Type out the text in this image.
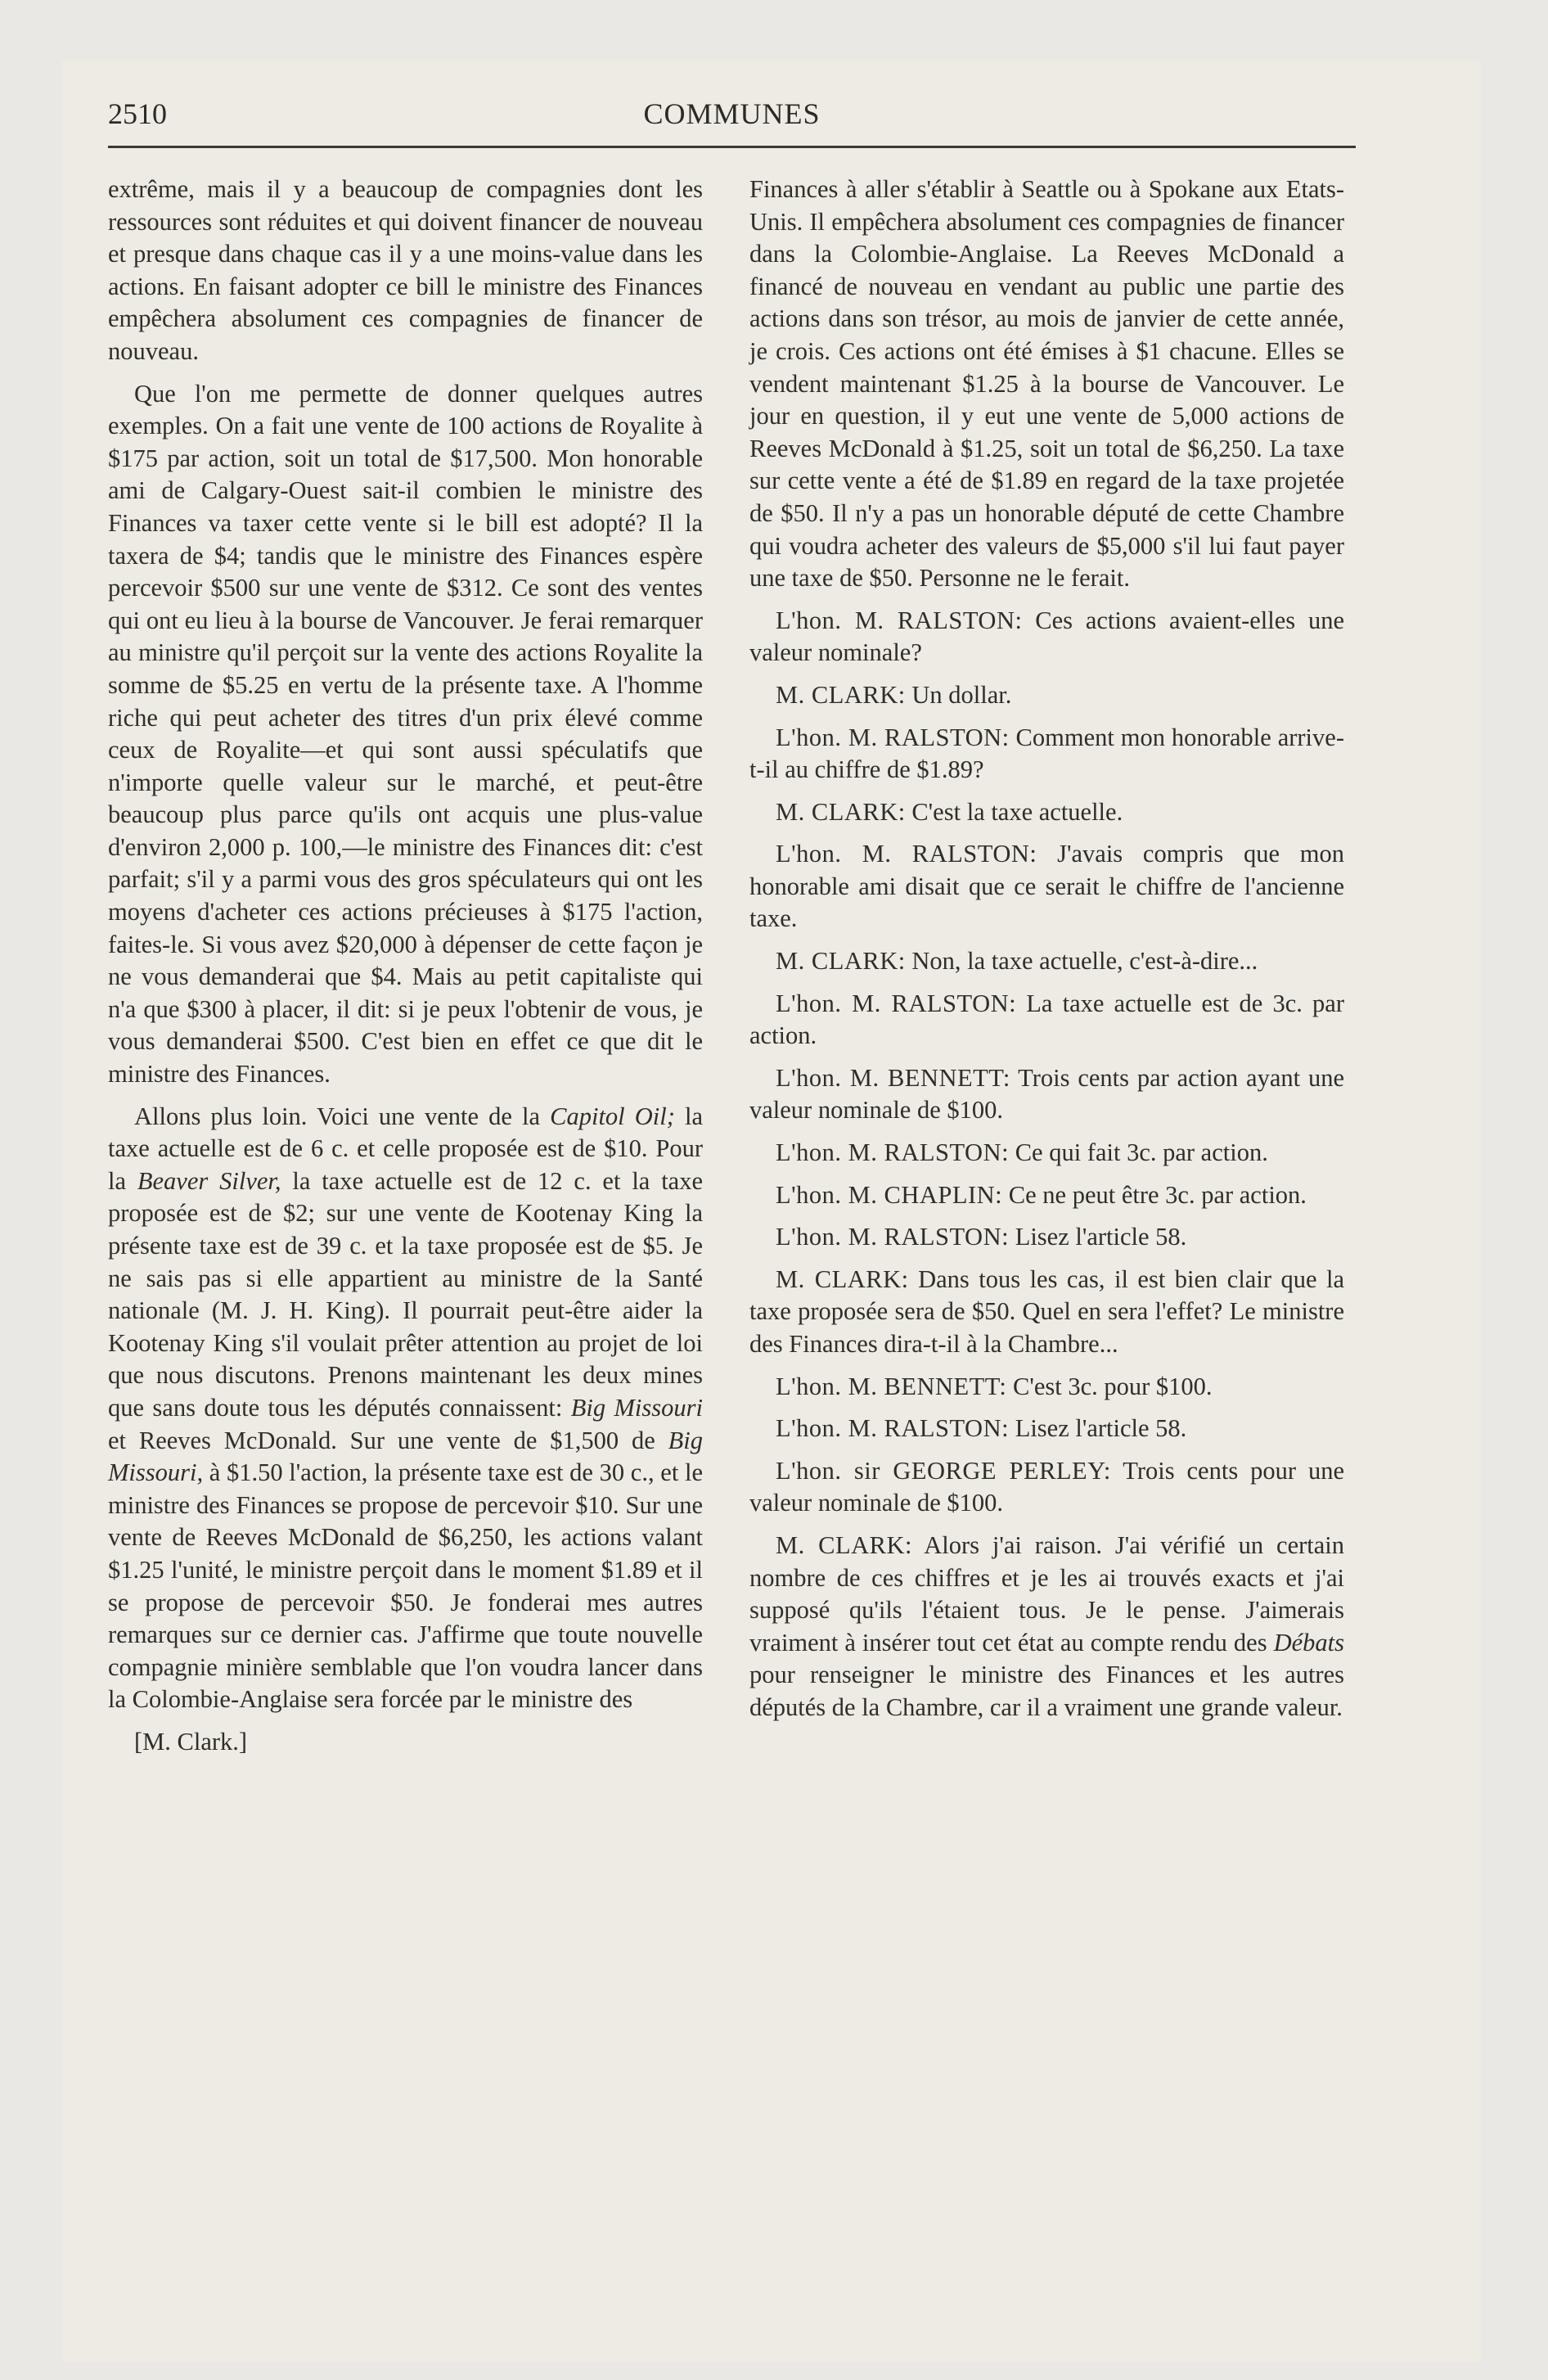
2510	COMMUNES

extrême, mais il y a beaucoup de compagnies dont les ressources sont réduites et qui doivent financer de nouveau et presque dans chaque cas il y a une moins-value dans les actions. En faisant adopter ce bill le ministre des Finances empêchera absolument ces compagnies de financer de nouveau.

Que l'on me permette de donner quelques autres exemples. On a fait une vente de 100 actions de Royalite à $175 par action, soit un total de $17,500. Mon honorable ami de Calgary-Ouest sait-il combien le ministre des Finances va taxer cette vente si le bill est adopté? Il la taxera de $4; tandis que le ministre des Finances espère percevoir $500 sur une vente de $312. Ce sont des ventes qui ont eu lieu à la bourse de Vancouver. Je ferai remarquer au ministre qu'il perçoit sur la vente des actions Royalite la somme de $5.25 en vertu de la présente taxe. A l'homme riche qui peut acheter des titres d'un prix élevé comme ceux de Royalite—et qui sont aussi spéculatifs que n'importe quelle valeur sur le marché, et peut-être beaucoup plus parce qu'ils ont acquis une plus-value d'environ 2,000 p. 100,—le ministre des Finances dit: c'est parfait; s'il y a parmi vous des gros spéculateurs qui ont les moyens d'acheter ces actions précieuses à $175 l'action, faites-le. Si vous avez $20,000 à dépenser de cette façon je ne vous demanderai que $4. Mais au petit capitaliste qui n'a que $300 à placer, il dit: si je peux l'obtenir de vous, je vous demanderai $500. C'est bien en effet ce que dit le ministre des Finances.

Allons plus loin. Voici une vente de la Capitol Oil; la taxe actuelle est de 6 c. et celle proposée est de $10. Pour la Beaver Silver, la taxe actuelle est de 12 c. et la taxe proposée est de $2; sur une vente de Kootenay King la présente taxe est de 39 c. et la taxe proposée est de $5. Je ne sais pas si elle appartient au ministre de la Santé nationale (M. J. H. King). Il pourrait peut-être aider la Kootenay King s'il voulait prêter attention au projet de loi que nous discutons. Prenons maintenant les deux mines que sans doute tous les députés connaissent: Big Missouri et Reeves McDonald. Sur une vente de $1,500 de Big Missouri, à $1.50 l'action, la présente taxe est de 30 c., et le ministre des Finances se propose de percevoir $10. Sur une vente de Reeves McDonald de $6,250, les actions valant $1.25 l'unité, le ministre perçoit dans le moment $1.89 et il se propose de percevoir $50. Je fonderai mes autres remarques sur ce dernier cas. J'affirme que toute nouvelle compagnie minière semblable que l'on voudra lancer dans la Colombie-Anglaise sera forcée par le ministre des

[M. Clark.]

Finances à aller s'établir à Seattle ou à Spokane aux Etats-Unis. Il empêchera absolument ces compagnies de financer dans la Colombie-Anglaise. La Reeves McDonald a financé de nouveau en vendant au public une partie des actions dans son trésor, au mois de janvier de cette année, je crois. Ces actions ont été émises à $1 chacune. Elles se vendent maintenant $1.25 à la bourse de Vancouver. Le jour en question, il y eut une vente de 5,000 actions de Reeves McDonald à $1.25, soit un total de $6,250. La taxe sur cette vente a été de $1.89 en regard de la taxe projetée de $50. Il n'y a pas un honorable député de cette Chambre qui voudra acheter des valeurs de $5,000 s'il lui faut payer une taxe de $50. Personne ne le ferait.

L'hon. M. RALSTON: Ces actions avaient-elles une valeur nominale?

M. CLARK: Un dollar.

L'hon. M. RALSTON: Comment mon honorable arrive-t-il au chiffre de $1.89?

M. CLARK: C'est la taxe actuelle.

L'hon. M. RALSTON: J'avais compris que mon honorable ami disait que ce serait le chiffre de l'ancienne taxe.

M. CLARK: Non, la taxe actuelle, c'est-à-dire...

L'hon. M. RALSTON: La taxe actuelle est de 3c. par action.

L'hon. M. BENNETT: Trois cents par action ayant une valeur nominale de $100.

L'hon. M. RALSTON: Ce qui fait 3c. par action.

L'hon. M. CHAPLIN: Ce ne peut être 3c. par action.

L'hon. M. RALSTON: Lisez l'article 58.

M. CLARK: Dans tous les cas, il est bien clair que la taxe proposée sera de $50. Quel en sera l'effet? Le ministre des Finances dira-t-il à la Chambre...

L'hon. M. BENNETT: C'est 3c. pour $100.

L'hon. M. RALSTON: Lisez l'article 58.

L'hon. sir GEORGE PERLEY: Trois cents pour une valeur nominale de $100.

M. CLARK: Alors j'ai raison. J'ai vérifié un certain nombre de ces chiffres et je les ai trouvés exacts et j'ai supposé qu'ils l'étaient tous. Je le pense. J'aimerais vraiment à insérer tout cet état au compte rendu des Débats pour renseigner le ministre des Finances et les autres députés de la Chambre, car il a vraiment une grande valeur.
